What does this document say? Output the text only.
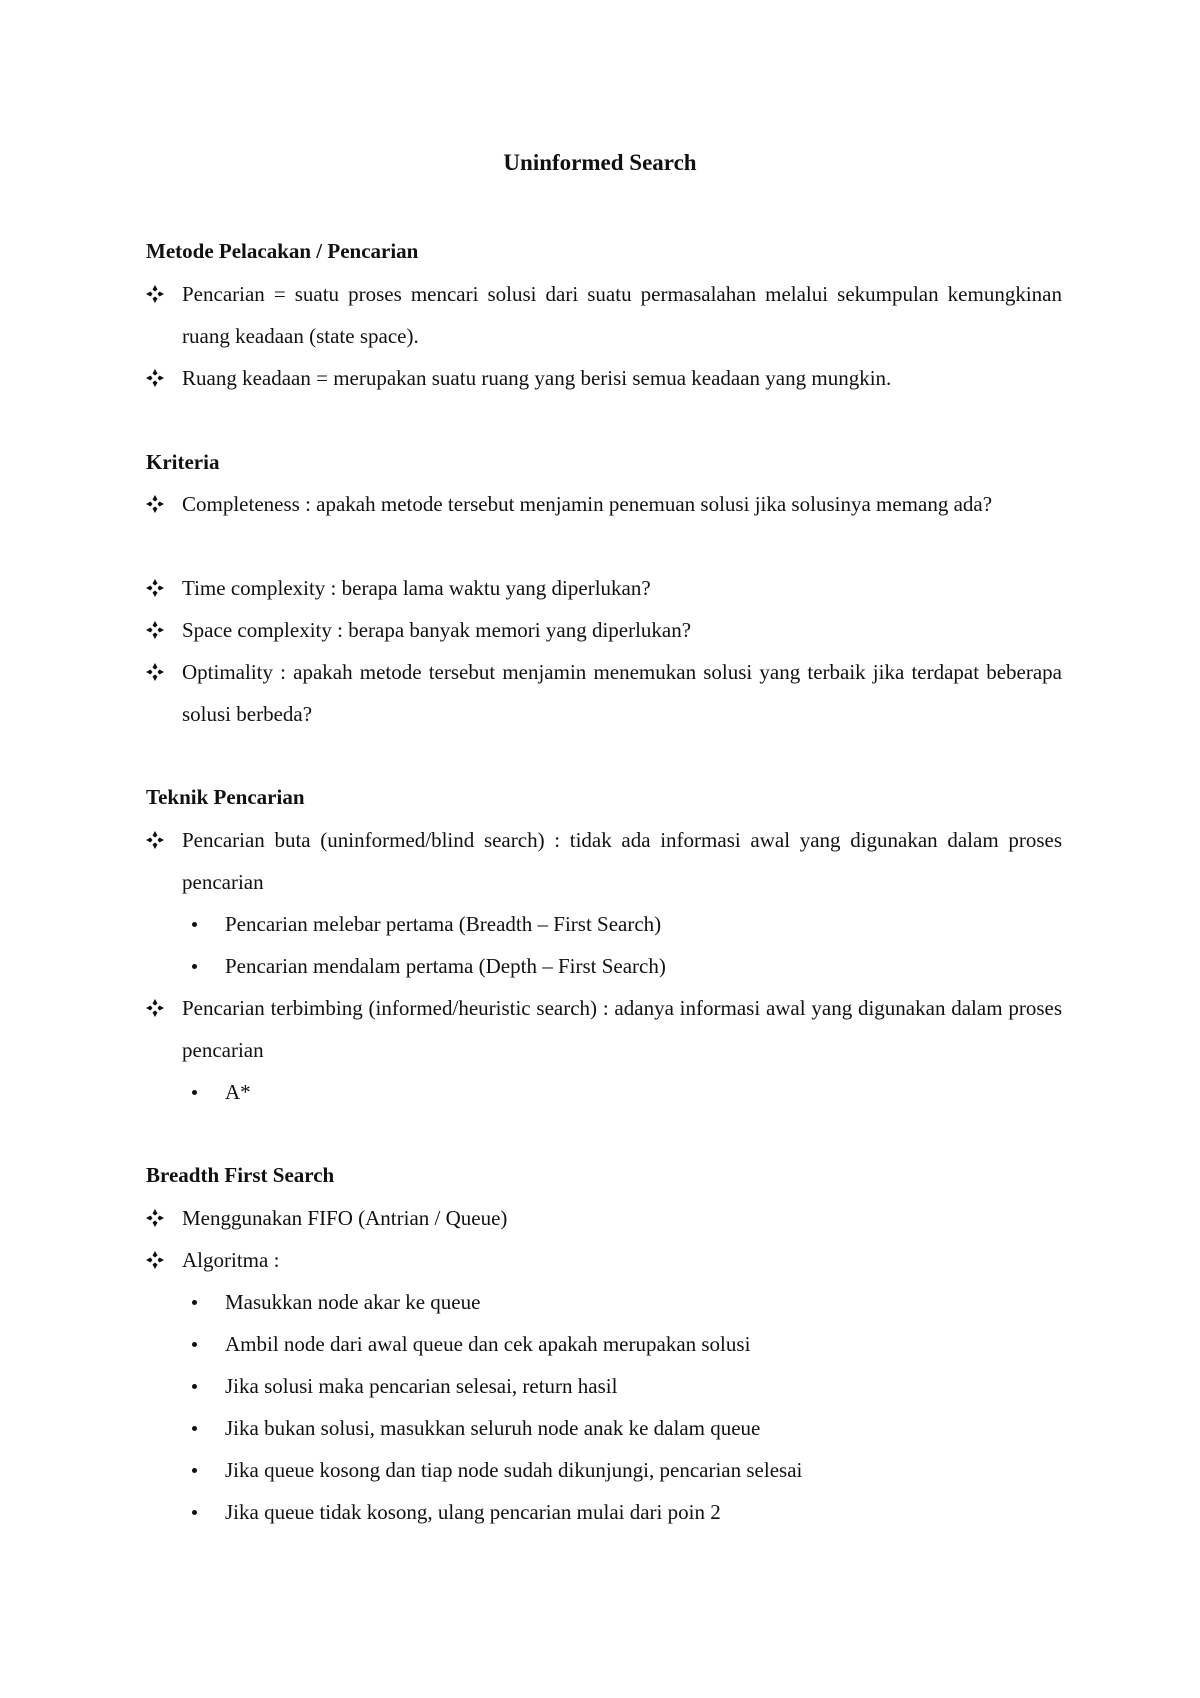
Uninformed Search
Metode Pelacakan / Pencarian
Pencarian = suatu proses mencari solusi dari suatu permasalahan melalui sekumpulan kemungkinan ruang keadaan (state space).
Ruang keadaan = merupakan suatu ruang yang berisi semua keadaan yang mungkin.
Kriteria
Completeness : apakah metode tersebut menjamin penemuan solusi jika solusinya memang ada?
Time complexity : berapa lama waktu yang diperlukan?
Space complexity : berapa banyak memori yang diperlukan?
Optimality : apakah metode tersebut menjamin menemukan solusi yang terbaik jika terdapat beberapa solusi berbeda?
Teknik Pencarian
Pencarian buta (uninformed/blind search) : tidak ada informasi awal yang digunakan dalam proses pencarian
Pencarian melebar pertama (Breadth – First Search)
Pencarian mendalam pertama (Depth – First Search)
Pencarian terbimbing (informed/heuristic search) : adanya informasi awal yang digunakan dalam proses pencarian
A*
Breadth First Search
Menggunakan FIFO (Antrian / Queue)
Algoritma :
Masukkan node akar ke queue
Ambil node dari awal queue dan cek apakah merupakan solusi
Jika solusi maka pencarian selesai, return hasil
Jika bukan solusi, masukkan seluruh node anak ke dalam queue
Jika queue kosong dan tiap node sudah dikunjungi, pencarian selesai
Jika queue tidak kosong, ulang pencarian mulai dari poin 2
